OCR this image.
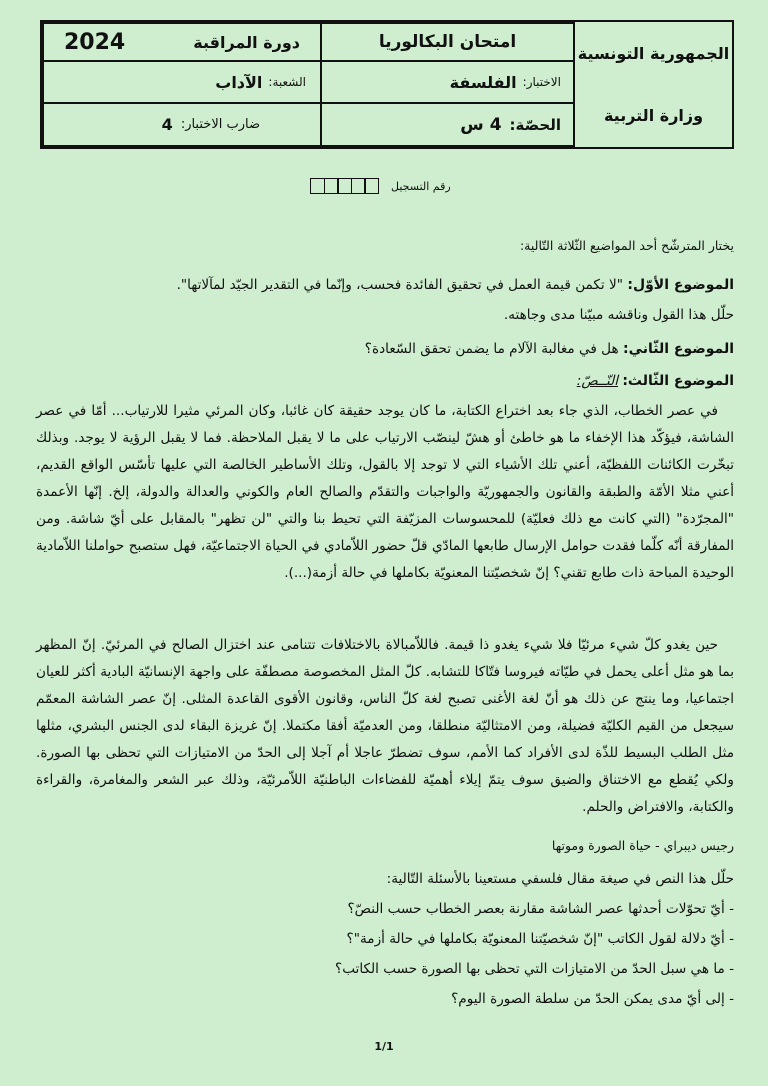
دورة المراقبة
2024
الشعبة:
الآداب
ضارب الاختبار:
4
امتحان البكالوريا
الاختبار:
الفلسفة
الحصّة:
4 س
الجمهورية التونسية
وزارة التربية
رقم التسجيل
يختار المترشّح أحد المواضيع الثّلاثة التّالية:
الموضوع الأوّل: "لا تكمن قيمة العمل في تحقيق الفائدة فحسب، وإنّما في التقدير الجيّد لمآلاتها".
حلّل هذا القول وناقشه مبيّنا مدى وجاهته.
الموضوع الثّاني: هل في مغالبة الآلام ما يضمن تحقق السّعادة؟
الموضوع الثّالث: النّــصّ:
في عصر الخطاب، الذي جاء بعد اختراع الكتابة، ما كان يوجد حقيقة كان غائبا، وكان المرئي مثيرا للارتياب... أمّا في عصر الشاشة، فيؤكّد هذا الإخفاء ما هو خاطئ أو هشّ لينصّب الارتياب على ما لا يقبل الملاحظة. فما لا يقبل الرؤية لا يوجد. وبذلك تبخّرت الكائنات اللفظيّة، أعني تلك الأشياء التي لا توجد إلا بالقول، وتلك الأساطير الخالصة التي عليها تأسّس الواقع القديم، أعني مثلا الأمّة والطبقة والقانون والجمهوريّة والواجبات والتقدّم والصالح العام والكوني والعدالة والدولة، إلخ. إنّها الأعمدة "المجرّدة" (التي كانت مع ذلك فعليّة) للمحسوسات المزيّفة التي تحيط بنا والتي "لن تظهر" بالمقابل على أيّ شاشة. ومن المفارقة أنّه كلّما فقدت حوامل الإرسال طابعها المادّي قلّ حضور اللاّمادي في الحياة الاجتماعيّة، فهل ستصبح حواملنا اللاّمادية الوحيدة المباحة ذات طابع تقني؟ إنّ شخصيّتنا المعنويّة بكاملها في حالة أزمة(...).
حين يغدو كلّ شيء مرئيّا فلا شيء يغدو ذا قيمة. فاللاّمبالاة بالاختلافات تتنامى عند اختزال الصالح في المرئيّ. إنّ المظهر بما هو مثل أعلى يحمل في طيّاته فيروسا فتّاكا للتشابه. كلّ المثل المخصوصة مصطفّة على واجهة الإنسانيّة البادية أكثر للعيان اجتماعيا، وما ينتج عن ذلك هو أنّ لغة الأغنى تصبح لغة كلّ الناس، وقانون الأقوى القاعدة المثلى. إنّ عصر الشاشة المعمّم سيجعل من القيم الكليّة فضيلة، ومن الامتثاليّة منطلقا، ومن العدميّة أفقا مكتملا. إنّ غريزة البقاء لدى الجنس البشري، مثلها مثل الطلب البسيط للذّة لدى الأفراد كما الأمم، سوف تضطرّ عاجلا أم آجلا إلى الحدّ من الامتيازات التي تحظى بها الصورة. ولكي يُقطع مع الاختناق والضيق سوف يتمّ إيلاء أهميّة للفضاءات الباطنيّة اللاّمرئيّة، وذلك عبر الشعر والمغامرة، والقراءة والكتابة، والافتراض والحلم.
رجيس ديبراي - حياة الصورة وموتها
حلّل هذا النص في صيغة مقال فلسفي مستعينا بالأسئلة التّالية:
- أيّ تحوّلات أحدثها عصر الشاشة مقارنة بعصر الخطاب حسب النصّ؟
- أيّ دلالة لقول الكاتب "إنّ شخصيّتنا المعنويّة بكاملها في حالة أزمة"؟
- ما هي سبل الحدّ من الامتيازات التي تحظى بها الصورة حسب الكاتب؟
- إلى أيّ مدى يمكن الحدّ من سلطة الصورة اليوم؟
1/1
